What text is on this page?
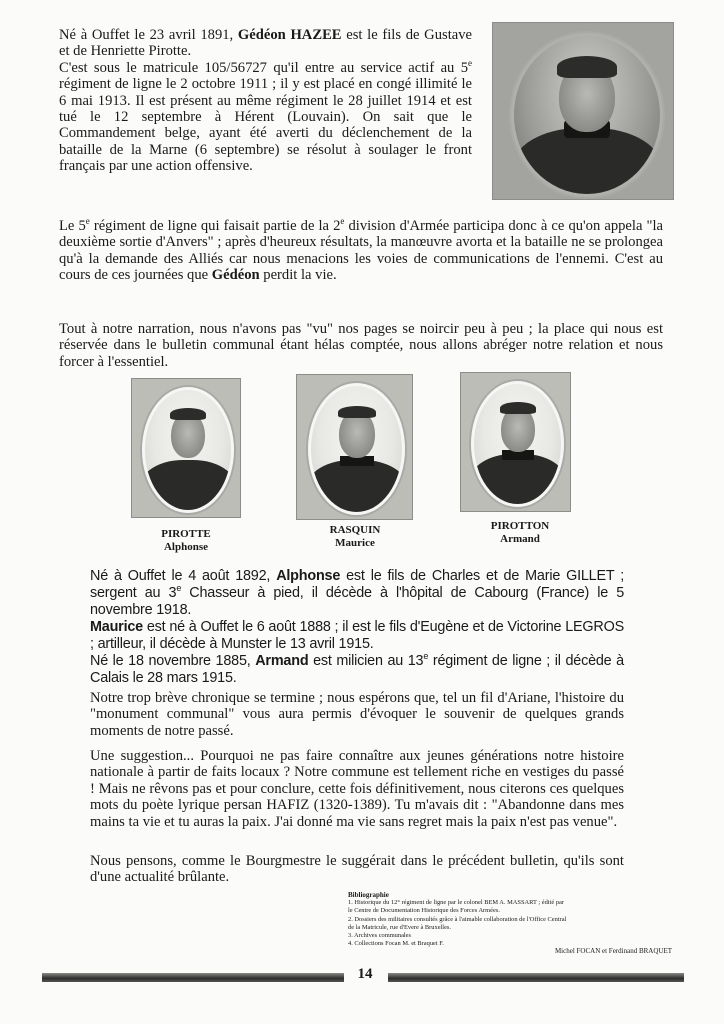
Né à Ouffet le 23 avril 1891, Gédéon HAZEE est le fils de Gustave et de Henriette Pirotte.
C'est sous le matricule 105/56727 qu'il entre au service actif au 5e régiment de ligne le 2 octobre 1911 ; il y est placé en congé illimité le 6 mai 1913. Il est présent au même régiment le 28 juillet 1914 et est tué le 12 septembre à Hérent (Louvain). On sait que le Commandement belge, ayant été averti du déclenchement de la bataille de la Marne (6 septembre) se résolut à soulager le front français par une action offensive.

Le 5e régiment de ligne qui faisait partie de la 2e division d'Armée participa donc à ce qu'on appela "la deuxième sortie d'Anvers" ; après d'heureux résultats, la manœuvre avorta et la bataille ne se prolongea qu'à la demande des Alliés car nous menacions les voies de communications de l'ennemi. C'est au cours de ces journées que Gédéon perdit la vie.

Tout à notre narration, nous n'avons pas "vu" nos pages se noircir peu à peu ; la place qui nous est réservée dans le bulletin communal étant hélas comptée, nous allons abréger notre relation et nous forcer à l'essentiel.

PIROTTE
Alphonse
RASQUIN
Maurice
PIROTTON
Armand

Né à Ouffet le 4 août 1892, Alphonse est le fils de Charles et de Marie GILLET ; sergent au 3e Chasseur à pied, il décède à l'hôpital de Cabourg (France) le 5 novembre 1918.
Maurice est né à Ouffet le 6 août 1888 ; il est le fils d'Eugène et de Victorine LEGROS ; artilleur, il décède à Munster le 13 avril 1915.
Né le 18 novembre 1885, Armand est milicien au 13e régiment de ligne ; il décède à Calais le 28 mars 1915.

Notre trop brève chronique se termine ; nous espérons que, tel un fil d'Ariane, l'histoire du "monument communal" vous aura permis d'évoquer le souvenir de quelques grands moments de notre passé.

Une suggestion... Pourquoi ne pas faire connaître aux jeunes générations notre histoire nationale à partir de faits locaux ? Notre commune est tellement riche en vestiges du passé ! Mais ne rêvons pas et pour conclure, cette fois définitivement, nous citerons ces quelques mots du poète lyrique persan HAFIZ (1320-1389). Tu m'avais dit : "Abandonne dans mes mains ta vie et tu auras la paix. J'ai donné ma vie sans regret mais la paix n'est pas venue".

Nous pensons, comme le Bourgmestre le suggérait dans le précédent bulletin, qu'ils sont d'une actualité brûlante.

Bibliographie
1. Historique du 12° régiment de ligne par le colonel BEM A. MASSART ; édité par
le Centre de Documentation Historique des Forces Armées.
2. Dossiers des militaires consultés grâce à l'aimable collaboration de l'Office Central
de la Matricule, rue d'Evere à Bruxelles.
3. Archives communales
4. Collections Focan M. et Braquet F.
Michel FOCAN et Ferdinand BRAQUET
14
